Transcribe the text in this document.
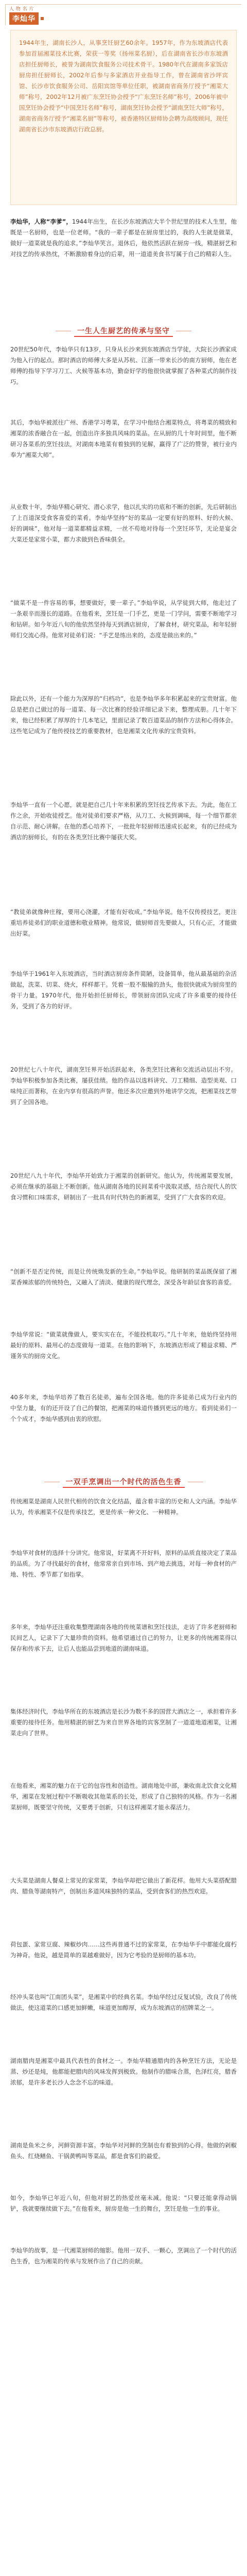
人 物 名 片
李灿华

1944年生，湖南长沙人，从事烹饪厨艺60余年。1957年，作为东坡酒店代表参加首届湘菜技术比赛，荣获一等奖（扬州菜名厨），后在湖南省长沙市东坡酒店担任厨师长，被誉为湖南饮食服务公司技术骨干。1980年代在湖南多家饭店厨房担任厨师长，2002年后参与多家酒店开业指导工作，曾在湖南省沙坪宾馆、长沙市饮食服务公司、岳阳宾馆等单位任职，被湖南省商务厅授予“湘菜大师”称号，2002年12月被广东烹饪协会授予“广东烹饪名师”称号，2006年被中国烹饪协会授予“中国烹饪名师”称号，湖南烹饪协会授予“湖南烹饪大师”称号，湖南省商务厅授予“湘菜名厨”等称号，被香港特区厨师协会聘为高级顾问，现任湖南省长沙市东坡酒店行政总厨。

李灿华，人称“李爹”，1944年出生，在长沙东坡酒店大半个世纪里的技术人生里，他既是一名厨师，也是一位老师。“我的一辈子都是在厨房里过的，我的人生就是做菜，做好一道菜就是我的追求。”李灿华笑言。退休后，他依然活跃在厨房一线，精湛厨艺和对技艺的传承热忱，不断激励着身边的后辈，用一道道美食书写属于自己的精彩人生。

一生人生厨艺的传承与坚守

20世纪50年代，李灿华只有13岁，只身从长沙来到东坡酒店当学徒，大院长沙酒家成为他入行的起点。那时酒店的师傅大多是从苏杭、江浙一带来长沙的南方厨师，他在老师傅的指导下学习刀工、火候等基本功，勤奋好学的他很快就掌握了各种菜式的制作技巧。

其后，李灿华被派往广州、香港学习粤菜，在学习中他结合湘菜特点，将粤菜的精致和湘菜的浓香融合在一起，创造出许多独具风味的菜品。在从厨的几十年时间里，他不断研习各菜系的烹饪技法，对湖南本地菜有着独到的见解，赢得了广泛的赞誉，被行业内奉为“湘菜大师”。

从业数十年，李灿华精心研究、潜心求学，他以扎实的功底和不断的创新，先后研制出了上百道深受食客喜爱的菜肴。李灿华坚持“好的菜品一定要有好的原料、好的火候、好的调味”，他对每一道菜都精益求精，一丝不苟地对待每一个烹饪环节，无论是宴会大菜还是家常小菜，都力求做到色香味俱全。

“做菜不是一件容易的事，想要做好，要一辈子。”李灿华说，从学徒到大师，他走过了一条艰辛而漫长的道路。在他看来，烹饪是一门手艺，更是一门学问，需要不断地学习和钻研。如今年近八旬的他依然坚持每天到酒店厨房，了解食材，研究菜品，和年轻厨师们交流心得。他常对徒弟们说：“手艺是练出来的，态度是做出来的。”

除此以外，还有一个能力为深厚的“归档功”，也是李灿华多年积累起来的宝贵财富。他总是把自己做过的每一道菜、每一次比赛的经验详细记录下来，整理成册。几十年下来，他已经积累了厚厚的十几本笔记，里面记录了数百道菜品的制作方法和心得体会。这些笔记成为了他传授技艺的重要教材，也是湘菜文化传承的宝贵资料。

李灿华一直有一个心愿，就是把自己几十年来积累的烹饪技艺传承下去。为此，他在工作之余，开始收徒授艺。他对徒弟们要求严格，从刀工、火候到调味，每一个细节都亲自示范、耐心讲解。在他的悉心培养下，一批批年轻厨师迅速成长起来，有的已经成为酒店的厨师长，有的在各类烹饪比赛中屡获大奖。

“教徒弟就像种庄稼，要用心浇灌，才能有好收成。”李灿华说。他不仅传授技艺，更注重培养徒弟们的职业道德和敬业精神。他常说，做厨师首先要做人，只有心正，才能做出好菜。

李灿华于1961年入东坡酒店，当时酒店厨房条件简陋，设备简单，他从最基础的杂活做起，洗菜、切菜、烧火，样样都干。凭着一股不服输的劲头，他很快就成为厨房里的骨干力量。1970年代，他开始担任厨师长，带领厨房团队完成了许多重要的接待任务，受到了各方的好评。

20世纪七八十年代，湖南烹饪界开始活跃起来，各类烹饪比赛和交流活动层出不穷。李灿华积极参加各类比赛，屡获佳绩。他的作品以选料讲究、刀工精细、造型美观、口味纯正而著称，在业内享有很高的声誉。他还多次应邀到外地讲学交流，把湘菜技艺带到了全国各地。

20世纪八九十年代，李灿华开始致力于湘菜的创新研究。他认为，传统湘菜要发展，必须在继承的基础上不断创新。他从湖南各地的民间菜肴中汲取灵感，结合现代人的饮食习惯和口味需求，研制出了一批具有时代特色的新湘菜，受到了广大食客的欢迎。

“创新不是否定传统，而是让传统焕发新的生命。”李灿华说。他研制的菜品既保留了湘菜香辣浓郁的传统特色，又融入了清淡、健康的现代理念，深受各年龄层食客的喜爱。

李灿华常说：“做菜就像做人，要实实在在，不能投机取巧。”几十年来，他始终坚持用最好的原料、最用心的态度做每一道菜。在他的影响下，东坡酒店形成了精益求精、严谨务实的厨房文化。

40多年来，李灿华培养了数百名徒弟，遍布全国各地。他的许多徒弟已成为行业内的中坚力量，有的还开设了自己的餐馆，把湘菜的味道传播到更远的地方。看到徒弟们一个个成才，李灿华感到由衷的欣慰。

一双手烹调出一个时代的活色生香

传统湘菜是湖南人民世代相传的饮食文化结晶，蕴含着丰富的历史和人文内涵。李灿华认为，传承湘菜不仅是传承技艺，更是传承一种文化、一种精神。

李灿华对食材的选择十分讲究。他常说，好菜离不开好料，原料的品质直接决定了菜品的品质。为了寻找最好的食材，他常常亲自到市场、到产地去挑选，对每一种食材的产地、特性、季节都了如指掌。

多年来，李灿华还注重收集整理湖南各地的传统菜谱和烹饪技法，走访了许多老厨师和民间艺人，记录下了大量珍贵的资料。他希望通过自己的努力，让更多的传统湘菜得以保存和传承下去，让后人也能品尝到地道的湖南味道。

集体经济时代，李灿华所在的东坡酒店是长沙为数不多的国营大酒店之一，承担着许多重要的接待任务。他用精湛的厨艺为来自世界各地的宾客烹制了一道道地道湘菜，让湘菜走向了世界。

在他看来，湘菜的魅力在于它的包容性和创造性。湖南地处中部，兼收南北饮食文化精华，湘菜在发展过程中不断吸收其他菜系的长处，形成了自己独特的风格。作为一名湘菜厨师，既要坚守传统，又要勇于创新，只有这样湘菜才能永葆活力。

大头菜是湖南人餐桌上常见的家常菜，李灿华却把它做出了新花样。他用大头菜搭配腊肉、腊鱼等湖南特产，创制出多道风味独特的菜品，受到食客们的热烈欢迎。

荷包蛋、家常豆腐、辣椒炒肉……这些再普通不过的家常菜，在李灿华手中都能化腐朽为神奇。他说，越是简单的菜越难做好，因为它考验的是厨师的基本功。

经冲头菜也叫“江南团头菜”，是湘菜中的经典名菜。李灿华经过反复试验，改良了传统做法，使这道菜的口感更加鲜嫩，味道更加醇厚，成为东坡酒店的招牌菜之一。

湖南腊肉是湘菜中最具代表性的食材之一。李灿华精通腊肉的各种烹饪方法，无论是蒸、炒还是炖，他都能把腊肉的风味发挥到极致。他制作的腊味合蒸，色泽红亮，腊香浓郁，是许多老长沙人念念不忘的味道。

湖南是鱼米之乡，河鲜资源丰富。李灿华对河鲜的烹制也有着独到的心得。他做的剁椒鱼头、红烧鳝鱼、干锅黄鸭叫等菜品，都是食客们的最爱。

如今，李灿华已年近八旬，但他对厨艺的热爱丝毫未减。他说：“只要还能拿得动锅铲，我就要继续做下去。”在他看来，厨房是他一生的舞台，烹饪是他一生的事业。

李灿华的故事，是一代湘菜厨师的缩影。他用一双手、一颗心，烹调出了一个时代的活色生香，也为湘菜的传承与发展作出了自己的贡献。
